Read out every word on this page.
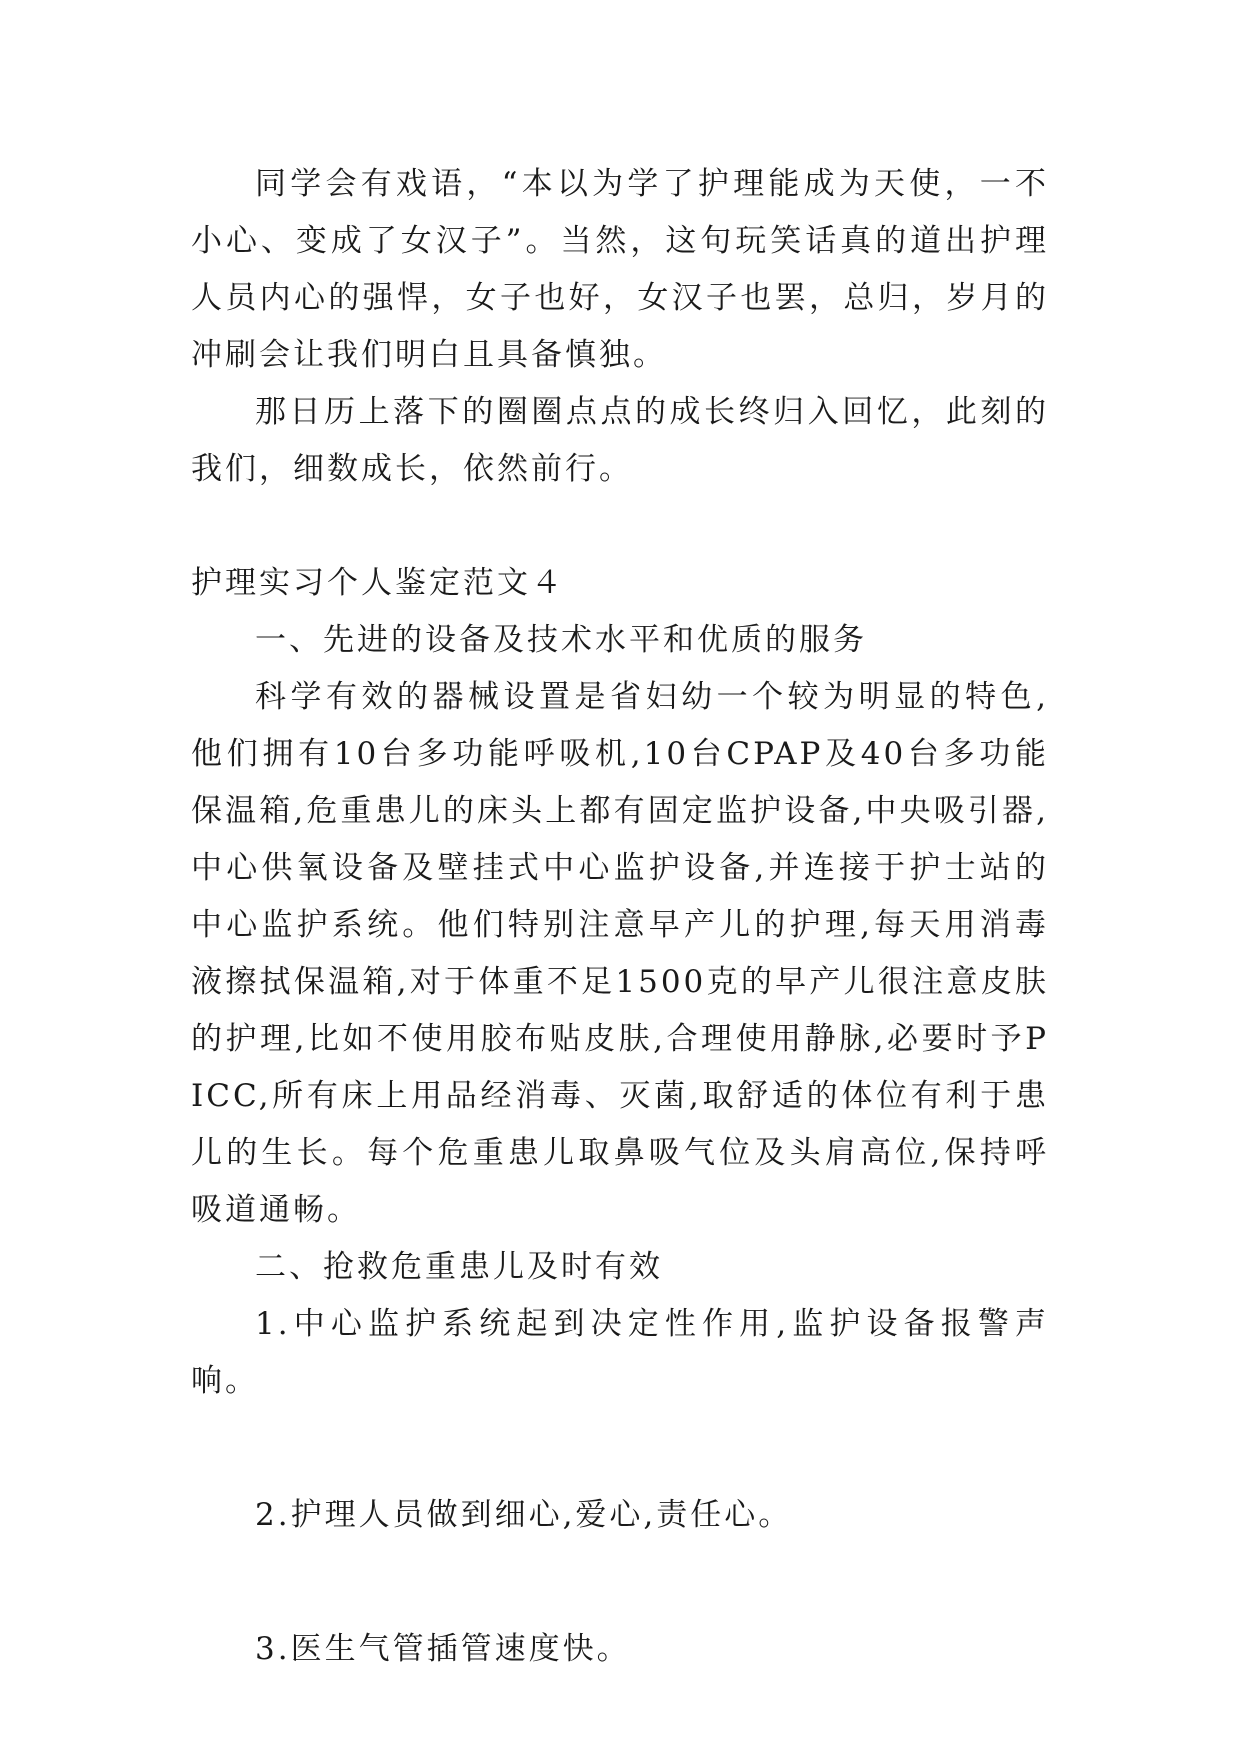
同学会有戏语，“本以为学了护理能成为天使，一不小心、变成了女汉子”。当然，这句玩笑话真的道出护理人员内心的强悍，女子也好，女汉子也罢，总归，岁月的冲刷会让我们明白且具备慎独。

那日历上落下的圈圈点点的成长终归入回忆，此刻的我们，细数成长，依然前行。

护理实习个人鉴定范文４

一、先进的设备及技术水平和优质的服务

科学有效的器械设置是省妇幼一个较为明显的特色,他们拥有10台多功能呼吸机,10台CPAP及40台多功能保温箱,危重患儿的床头上都有固定监护设备,中央吸引器,中心供氧设备及壁挂式中心监护设备,并连接于护士站的中心监护系统。他们特别注意早产儿的护理,每天用消毒液擦拭保温箱,对于体重不足1500克的早产儿很注意皮肤的护理,比如不使用胶布贴皮肤,合理使用静脉,必要时予PICC,所有床上用品经消毒、灭菌,取舒适的体位有利于患儿的生长。每个危重患儿取鼻吸气位及头肩高位,保持呼吸道通畅。

二、抢救危重患儿及时有效

1.中心监护系统起到决定性作用,监护设备报警声响。

2.护理人员做到细心,爱心,责任心。

3.医生气管插管速度快。
